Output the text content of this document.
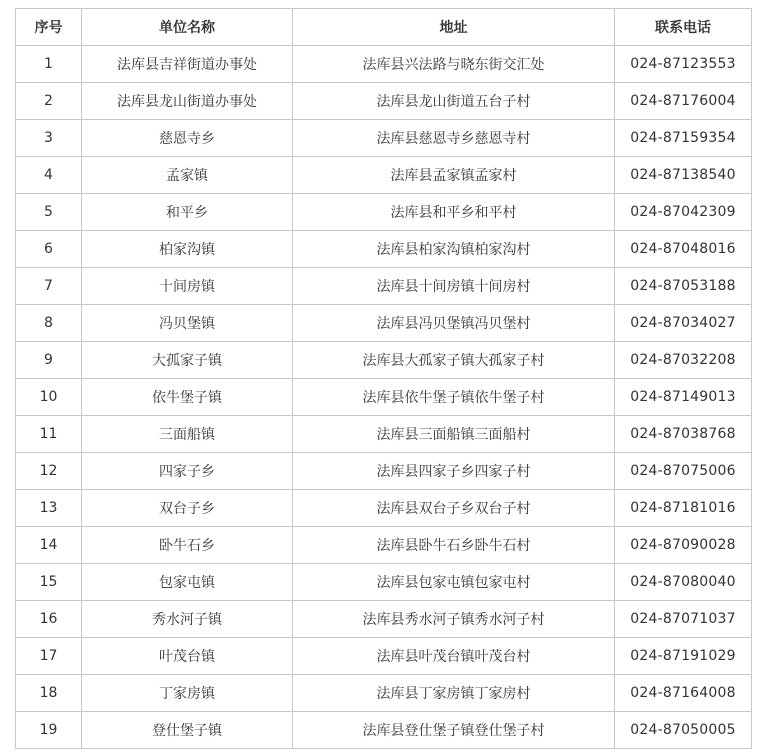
序号	单位名称	地址	联系电话
1	法库县吉祥街道办事处	法库县兴法路与晓东街交汇处	024-87123553
2	法库县龙山街道办事处	法库县龙山街道五台子村	024-87176004
3	慈恩寺乡	法库县慈恩寺乡慈恩寺村	024-87159354
4	孟家镇	法库县孟家镇孟家村	024-87138540
5	和平乡	法库县和平乡和平村	024-87042309
6	柏家沟镇	法库县柏家沟镇柏家沟村	024-87048016
7	十间房镇	法库县十间房镇十间房村	024-87053188
8	冯贝堡镇	法库县冯贝堡镇冯贝堡村	024-87034027
9	大孤家子镇	法库县大孤家子镇大孤家子村	024-87032208
10	依牛堡子镇	法库县依牛堡子镇依牛堡子村	024-87149013
11	三面船镇	法库县三面船镇三面船村	024-87038768
12	四家子乡	法库县四家子乡四家子村	024-87075006
13	双台子乡	法库县双台子乡双台子村	024-87181016
14	卧牛石乡	法库县卧牛石乡卧牛石村	024-87090028
15	包家屯镇	法库县包家屯镇包家屯村	024-87080040
16	秀水河子镇	法库县秀水河子镇秀水河子村	024-87071037
17	叶茂台镇	法库县叶茂台镇叶茂台村	024-87191029
18	丁家房镇	法库县丁家房镇丁家房村	024-87164008
19	登仕堡子镇	法库县登仕堡子镇登仕堡子村	024-87050005
